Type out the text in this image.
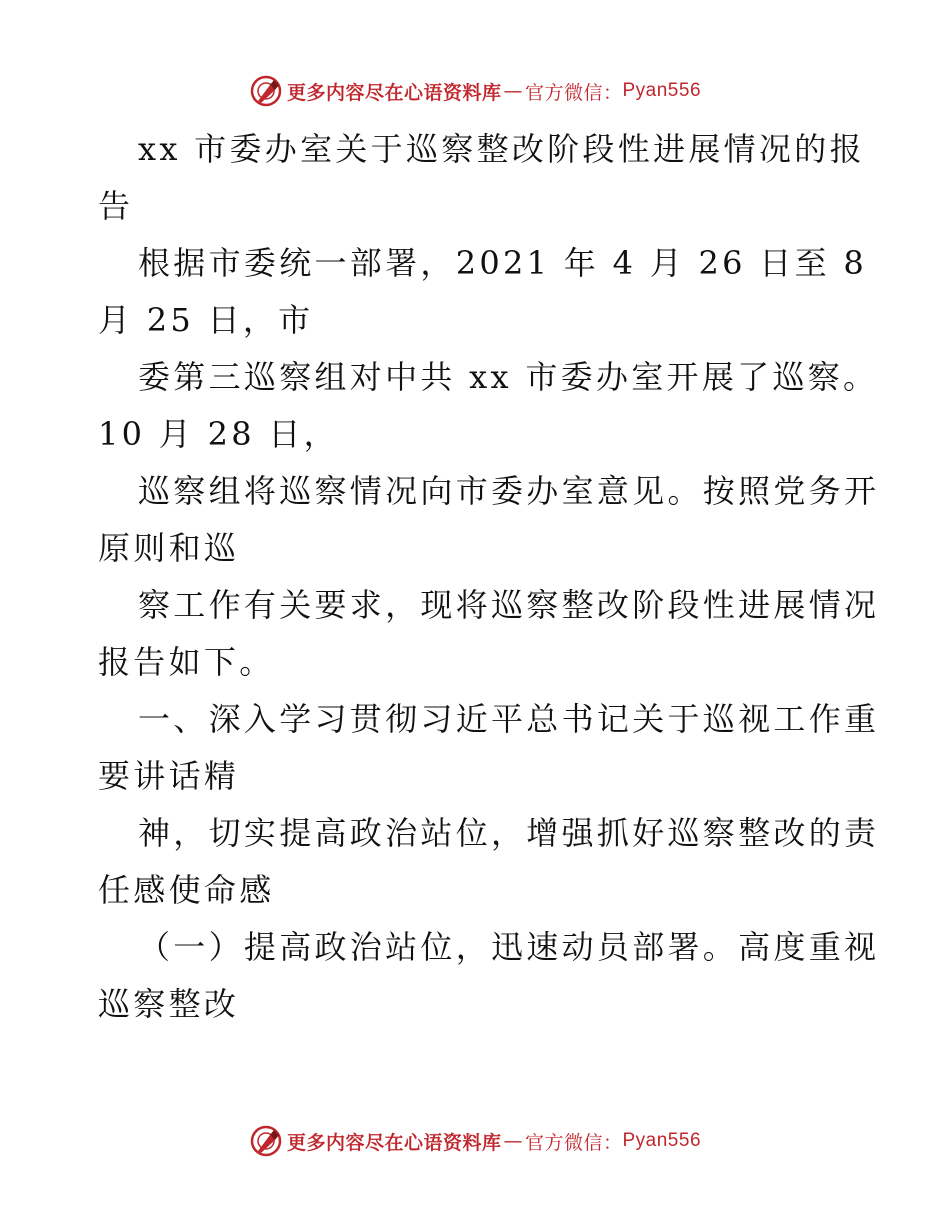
更多内容尽在心语资料库 — 官方微信： Pyan556
xx 市委办室关于巡察整改阶段性进展情况的报
告
根据市委统一部署，2021 年 4 月 26 日至 8
月 25 日，市
委第三巡察组对中共 xx 市委办室开展了巡察。
10 月 28 日，
巡察组将巡察情况向市委办室意见。按照党务开
原则和巡
察工作有关要求，现将巡察整改阶段性进展情况
报告如下。
一、深入学习贯彻习近平总书记关于巡视工作重
要讲话精
神，切实提高政治站位，增强抓好巡察整改的责
任感使命感
（一）提高政治站位，迅速动员部署。高度重视
巡察整改
更多内容尽在心语资料库 — 官方微信： Pyan556
